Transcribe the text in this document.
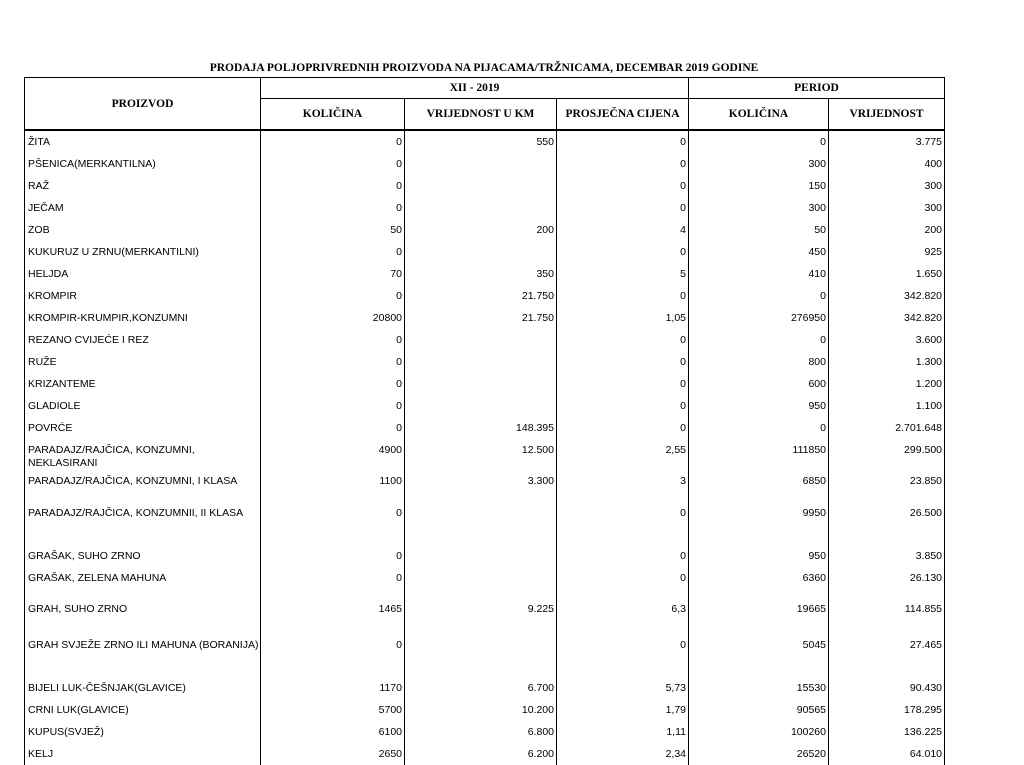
PRODAJA POLJOPRIVREDNIH PROIZVODA NA PIJACAMA/TRŽNICAMA, DECEMBAR 2019 GODINE
PROIZVOD	XII - 2019			PERIOD	
	KOLIČINA	VRIJEDNOST U KM	PROSJEČNA CIJENA	KOLIČINA	VRIJEDNOST
ŽITA	0	550	0	0	3.775
PŠENICA(MERKANTILNA)	0		0	300	400
RAŽ	0		0	150	300
JEČAM	0		0	300	300
ZOB	50	200	4	50	200
KUKURUZ U ZRNU(MERKANTILNI)	0		0	450	925
HELJDA	70	350	5	410	1.650
KROMPIR	0	21.750	0	0	342.820
KROMPIR-KRUMPIR,KONZUMNI	20800	21.750	1,05	276950	342.820
REZANO CVIJEĆE I REZ	0		0	0	3.600
RUŽE	0		0	800	1.300
KRIZANTEME	0		0	600	1.200
GLADIOLE	0		0	950	1.100
POVRĆE	0	148.395	0	0	2.701.648
PARADAJZ/RAJČICA, KONZUMNI, NEKLASIRANI	4900	12.500	2,55	111850	299.500
PARADAJZ/RAJČICA, KONZUMNI, I KLASA	1100	3.300	3	6850	23.850
PARADAJZ/RAJČICA, KONZUMNII, II KLASA	0		0	9950	26.500
GRAŠAK, SUHO ZRNO	0		0	950	3.850
GRAŠAK, ZELENA MAHUNA	0		0	6360	26.130
GRAH, SUHO ZRNO	1465	9.225	6,3	19665	114.855
GRAH SVJEŽE ZRNO ILI MAHUNA (BORANIJA)	0		0	5045	27.465
BIJELI LUK-ČEŠNJAK(GLAVICE)	1170	6.700	5,73	15530	90.430
CRNI LUK(GLAVICE)	5700	10.200	1,79	90565	178.295
KUPUS(SVJEŽ)	6100	6.800	1,11	100260	136.225
KELJ	2650	6.200	2,34	26520	64.010
